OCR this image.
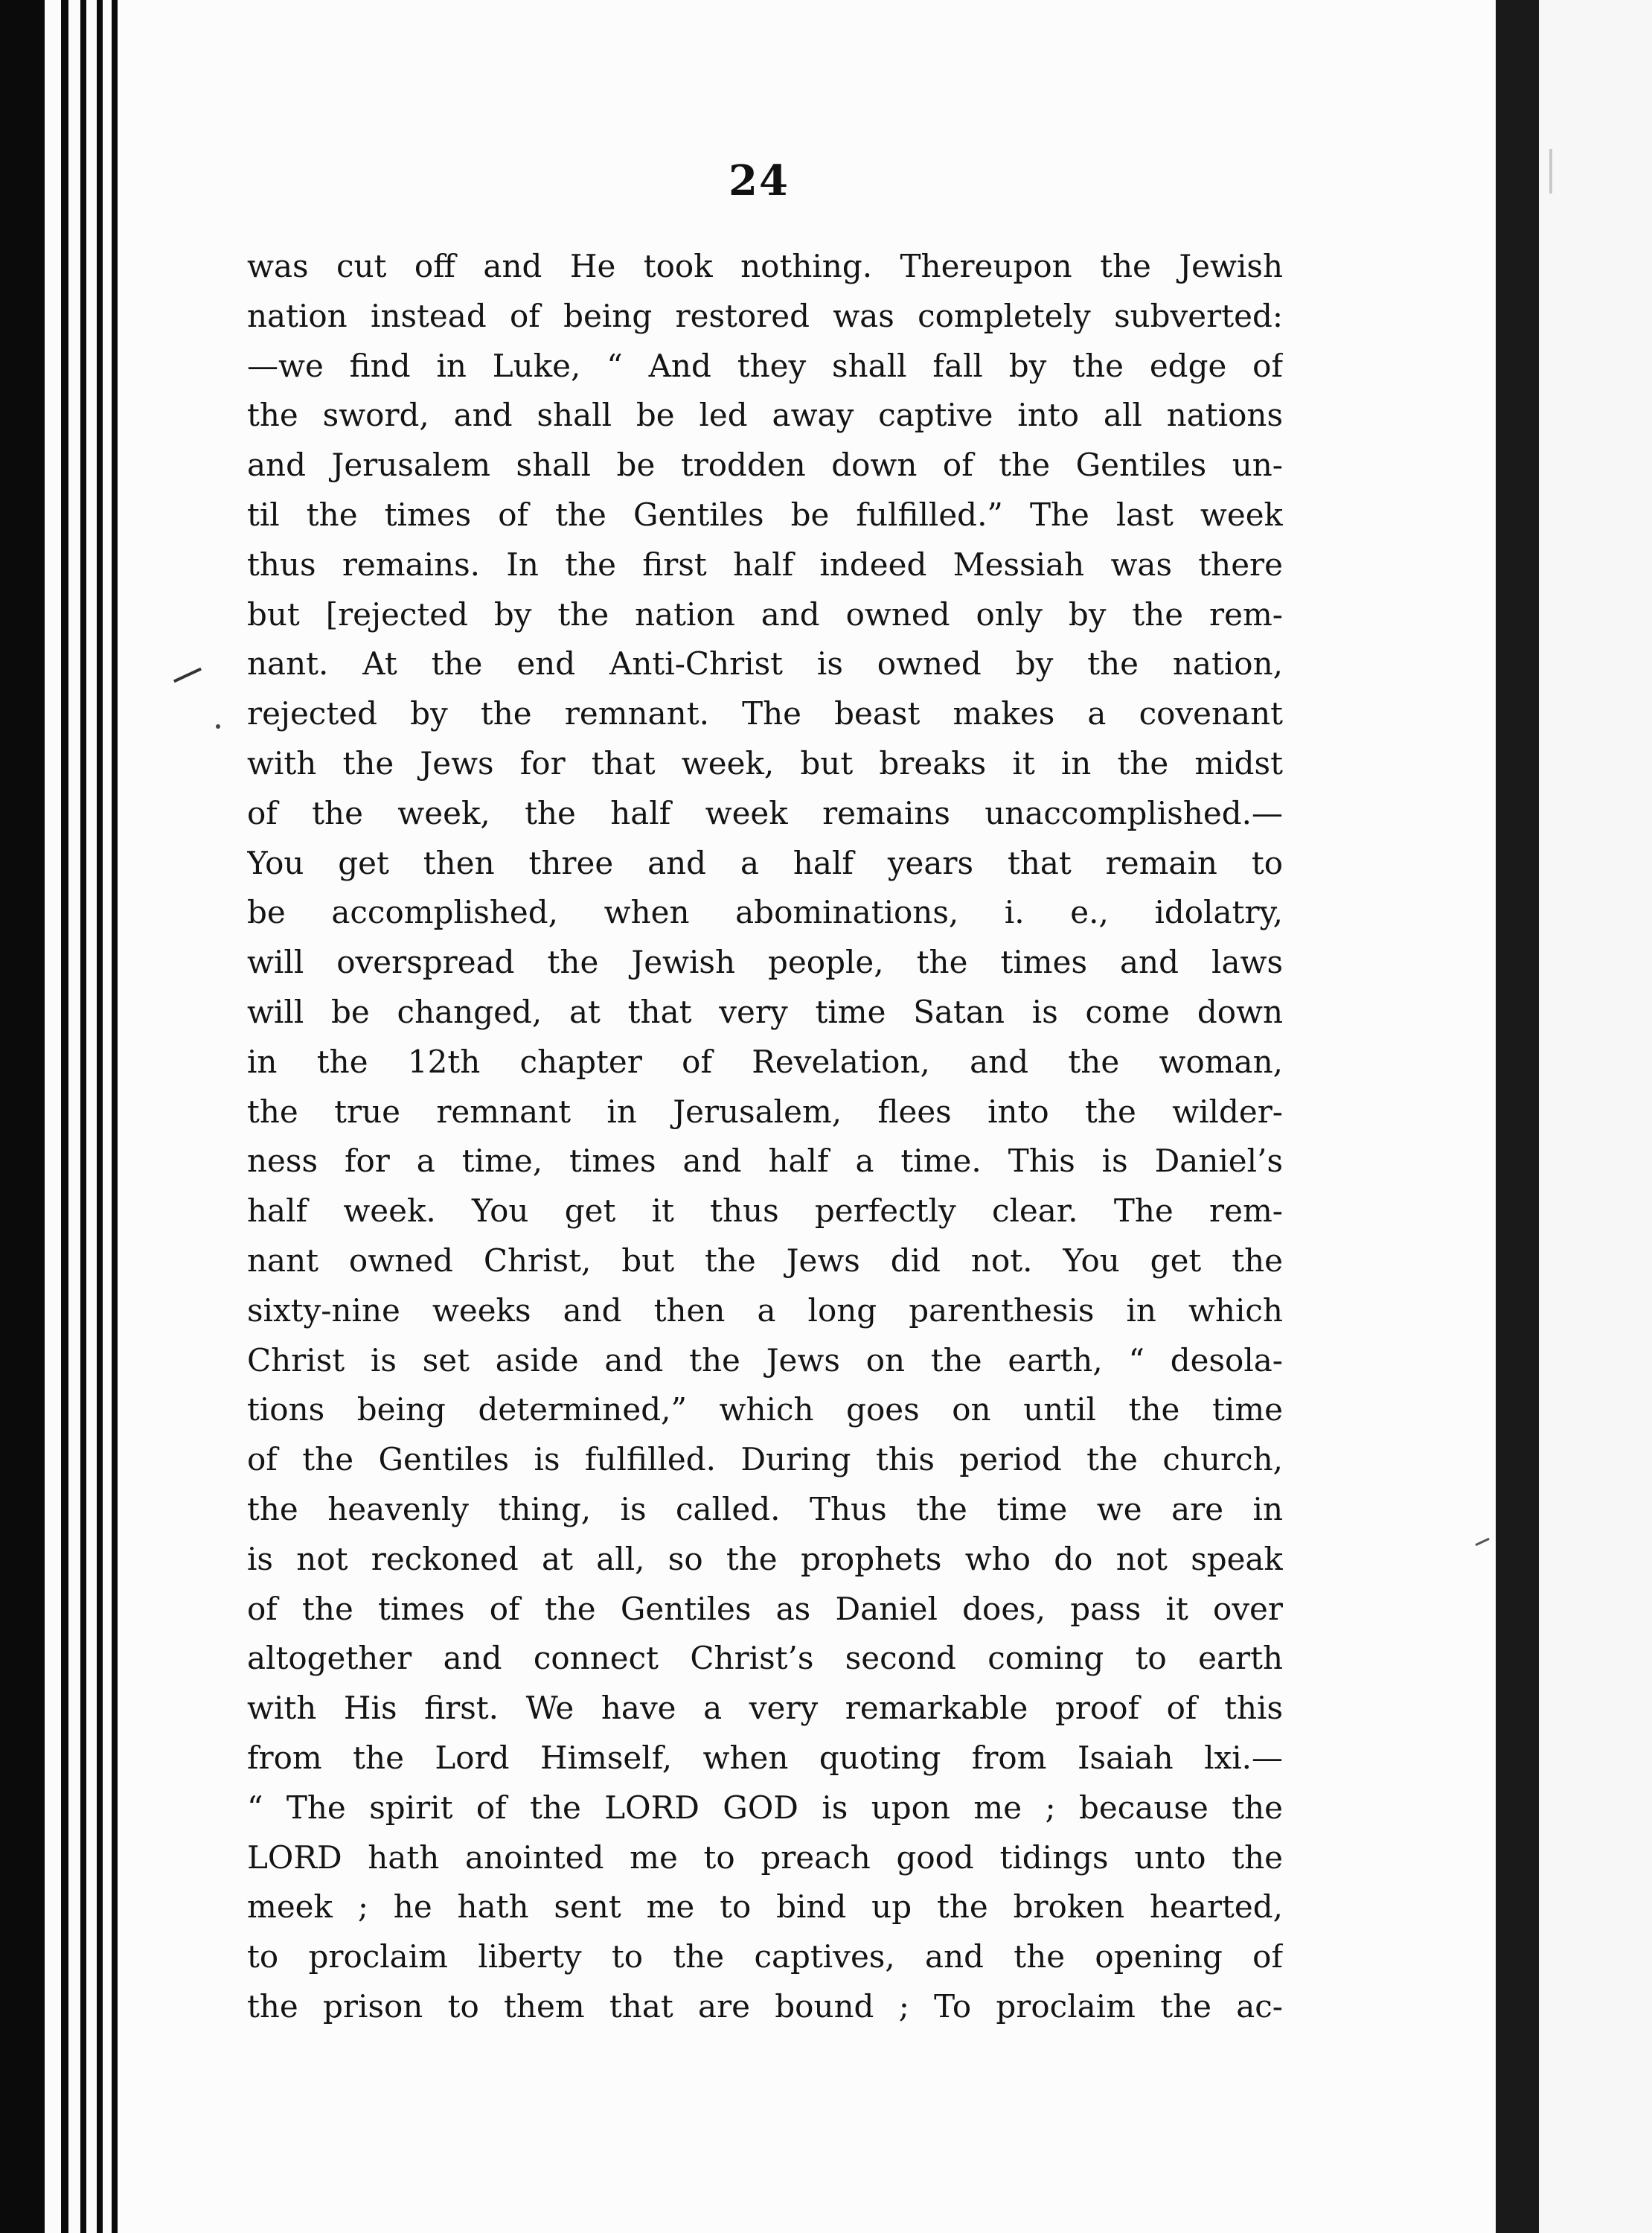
24
was cut off and He took nothing. Thereupon the Jewish
nation instead of being restored was completely subverted:
—we find in Luke, “ And they shall fall by the edge of
the sword, and shall be led away captive into all nations
and Jerusalem shall be trodden down of the Gentiles un-
til the times of the Gentiles be fulfilled.” The last week
thus remains. In the first half indeed Messiah was there
but [rejected by the nation and owned only by the rem-
nant. At the end Anti-Christ is owned by the nation,
rejected by the remnant. The beast makes a covenant
with the Jews for that week, but breaks it in the midst
of the week, the half week remains unaccomplished.—
You get then three and a half years that remain to
be accomplished, when abominations, i. e., idolatry,
will overspread the Jewish people, the times and laws
will be changed, at that very time Satan is come down
in the 12th chapter of Revelation, and the woman,
the true remnant in Jerusalem, flees into the wilder-
ness for a time, times and half a time. This is Daniel’s
half week. You get it thus perfectly clear. The rem-
nant owned Christ, but the Jews did not. You get the
sixty-nine weeks and then a long parenthesis in which
Christ is set aside and the Jews on the earth, “ desola-
tions being determined,” which goes on until the time
of the Gentiles is fulfilled. During this period the church,
the heavenly thing, is called. Thus the time we are in
is not reckoned at all, so the prophets who do not speak
of the times of the Gentiles as Daniel does, pass it over
altogether and connect Christ’s second coming to earth
with His first. We have a very remarkable proof of this
from the Lord Himself, when quoting from Isaiah lxi.—
“ The spirit of the LORD GOD is upon me ; because the
LORD hath anointed me to preach good tidings unto the
meek ; he hath sent me to bind up the broken hearted,
to proclaim liberty to the captives, and the opening of
the prison to them that are bound ; To proclaim the ac-
